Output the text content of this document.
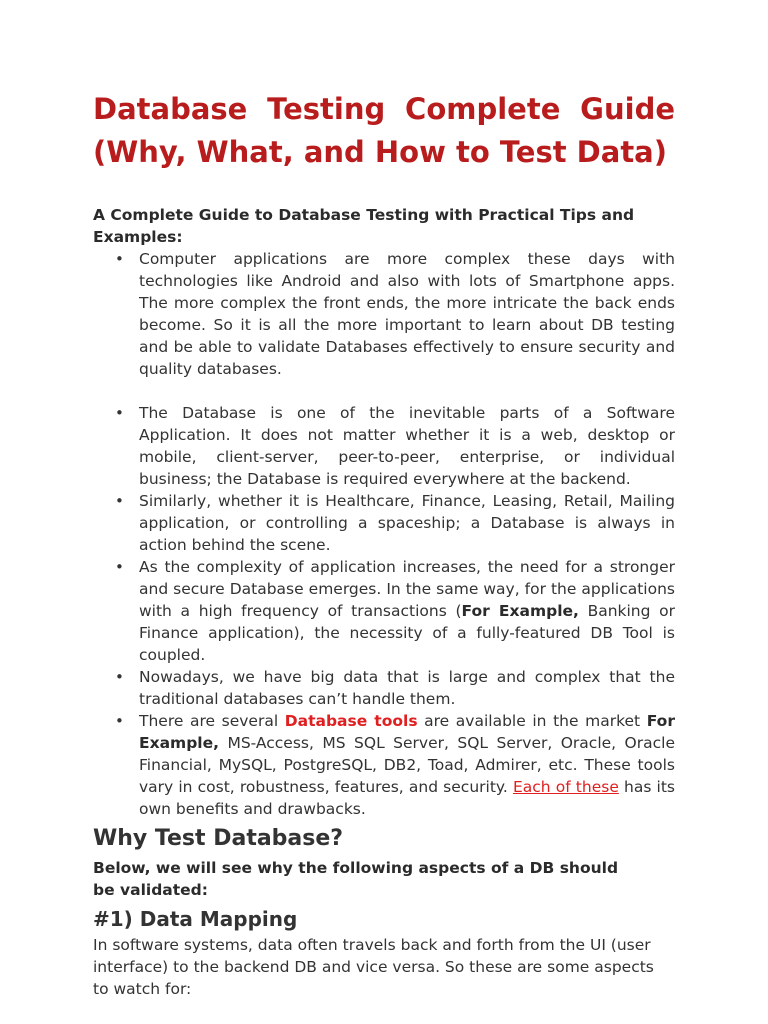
Database Testing Complete Guide (Why, What, and How to Test Data)
A Complete Guide to Database Testing with Practical Tips and Examples:
• Computer applications are more complex these days with technologies like Android and also with lots of Smartphone apps. The more complex the front ends, the more intricate the back ends become. So it is all the more important to learn about DB testing and be able to validate Databases effectively to ensure security and quality databases.
• The Database is one of the inevitable parts of a Software Application. It does not matter whether it is a web, desktop or mobile, client-server, peer-to-peer, enterprise, or individual business; the Database is required everywhere at the backend.
• Similarly, whether it is Healthcare, Finance, Leasing, Retail, Mailing application, or controlling a spaceship; a Database is always in action behind the scene.
• As the complexity of application increases, the need for a stronger and secure Database emerges. In the same way, for the applications with a high frequency of transactions (For Example, Banking or Finance application), the necessity of a fully-featured DB Tool is coupled.
• Nowadays, we have big data that is large and complex that the traditional databases can’t handle them.
• There are several Database tools are available in the market For Example, MS-Access, MS SQL Server, SQL Server, Oracle, Oracle Financial, MySQL, PostgreSQL, DB2, Toad, Admirer, etc. These tools vary in cost, robustness, features, and security. Each of these has its own benefits and drawbacks.
Why Test Database?
Below, we will see why the following aspects of a DB should be validated:
#1) Data Mapping
In software systems, data often travels back and forth from the UI (user interface) to the backend DB and vice versa. So these are some aspects to watch for:
